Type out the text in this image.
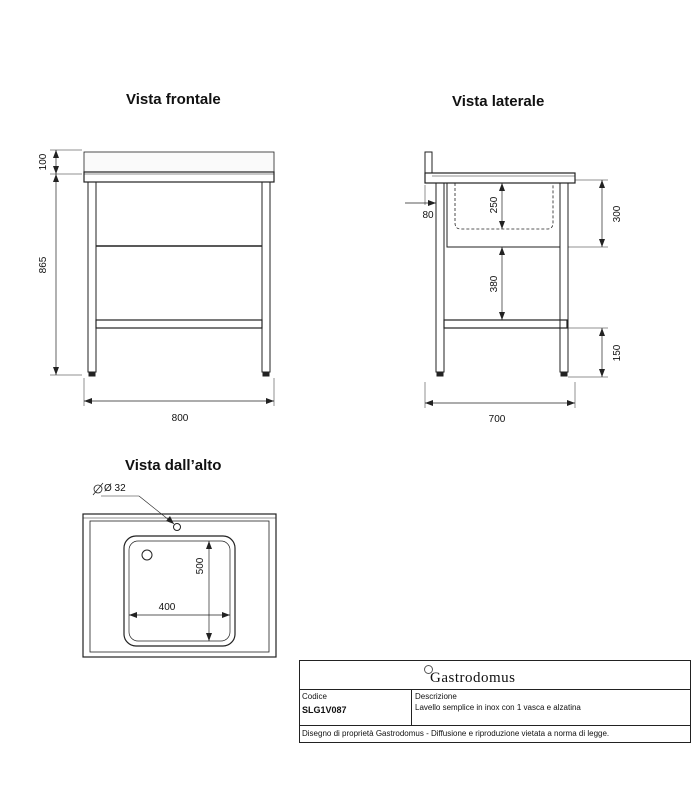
Vista frontale	Vista laterale
Vista dall’alto
100
865
800
250
80	300
380
150
700
Ø 32
500
400
Gastrodomus
Codice
SLG1V087
Descrizione
Lavello semplice in inox con 1 vasca e alzatina
Disegno di proprietà Gastrodomus - Diffusione e riproduzione vietata a norma di legge.
